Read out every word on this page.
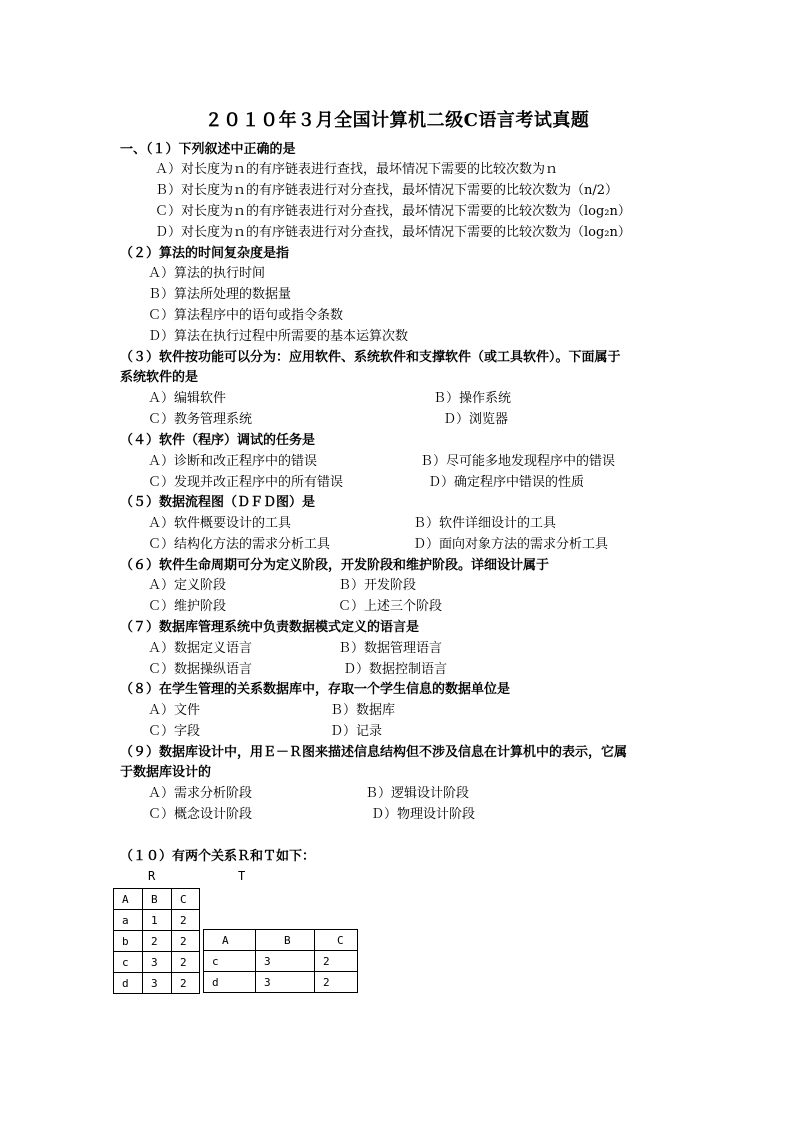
２０１０年３月全国计算机二级C语言考试真题
一、（１）下列叙述中正确的是
Ａ）对长度为ｎ的有序链表进行查找，最坏情况下需要的比较次数为ｎ
Ｂ）对长度为ｎ的有序链表进行对分查找，最坏情况下需要的比较次数为（n/2）
Ｃ）对长度为ｎ的有序链表进行对分查找，最坏情况下需要的比较次数为（log₂n）
Ｄ）对长度为ｎ的有序链表进行对分查找，最坏情况下需要的比较次数为（log₂n）
（２）算法的时间复杂度是指
Ａ）算法的执行时间
Ｂ）算法所处理的数据量
Ｃ）算法程序中的语句或指令条数
Ｄ）算法在执行过程中所需要的基本运算次数
（３）软件按功能可以分为：应用软件、系统软件和支撑软件（或工具软件）。下面属于
系统软件的是
Ａ）编辑软件	Ｂ）操作系统
Ｃ）教务管理系统	Ｄ）浏览器
（４）软件（程序）调试的任务是
Ａ）诊断和改正程序中的错误	Ｂ）尽可能多地发现程序中的错误
Ｃ）发现并改正程序中的所有错误	Ｄ）确定程序中错误的性质
（５）数据流程图（ＤＦＤ图）是
Ａ）软件概要设计的工具	Ｂ）软件详细设计的工具
Ｃ）结构化方法的需求分析工具	Ｄ）面向对象方法的需求分析工具
（６）软件生命周期可分为定义阶段，开发阶段和维护阶段。详细设计属于
Ａ）定义阶段	Ｂ）开发阶段
Ｃ）维护阶段	Ｃ）上述三个阶段
（７）数据库管理系统中负责数据模式定义的语言是
Ａ）数据定义语言	Ｂ）数据管理语言
Ｃ）数据操纵语言	Ｄ）数据控制语言
（８）在学生管理的关系数据库中，存取一个学生信息的数据单位是
Ａ）文件	Ｂ）数据库
Ｃ）字段	Ｄ）记录
（９）数据库设计中，用Ｅ－Ｒ图来描述信息结构但不涉及信息在计算机中的表示，它属
于数据库设计的
Ａ）需求分析阶段	Ｂ）逻辑设计阶段
Ｃ）概念设计阶段	Ｄ）物理设计阶段
（１０）有两个关系Ｒ和Ｔ如下：
R	T
A	B	C
a	1	2
b	2	2
c	3	2
d	3	2
A	B	C
c	3	2
d	3	2
